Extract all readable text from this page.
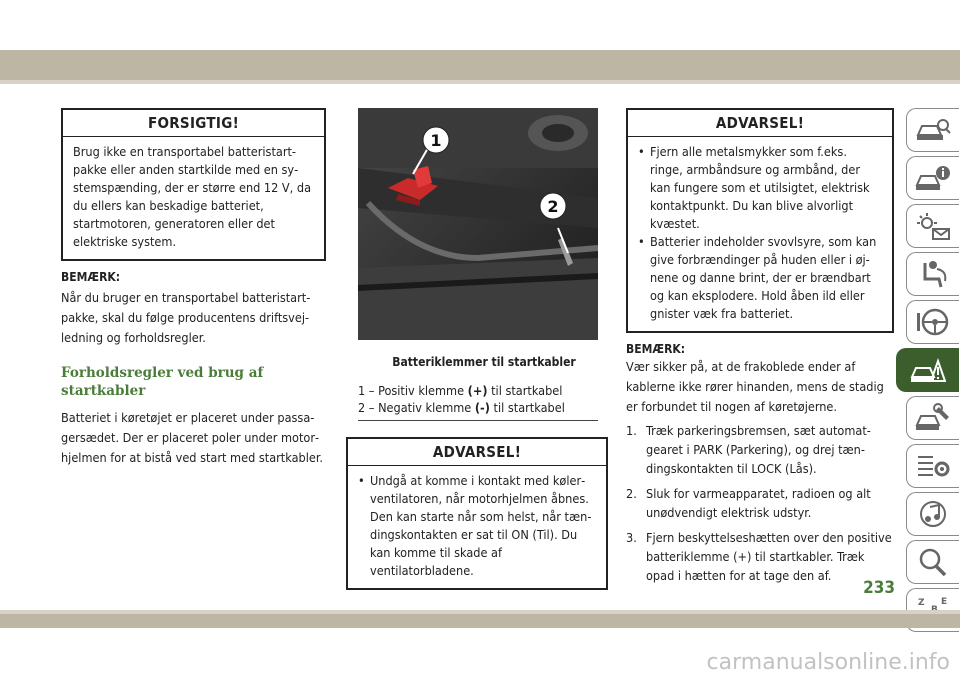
FORSIGTIG!

Brug ikke en transportabel batteristartpakke eller anden startkilde med en systemspænding, der er større end 12 V, da du ellers kan beskadige batteriet, startmotoren, generatoren eller det elektriske system.

BEMÆRK:

Når du bruger en transportabel batteristartpakke, skal du følge producentens driftsvejledning og forholdsregler.

Forholdsregler ved brug af startkabler

Batteriet i køretøjet er placeret under passagersædet. Der er placeret poler under motorhjelmen for at bistå ved start med startkabler.

1
2
Batteriklemmer til startkabler
1 – Positiv klemme (+) til startkabel
2 – Negativ klemme (-) til startkabel
ADVARSEL!
• Undgå at komme i kontakt med kølerventilatoren, når motorhjelmen åbnes. Den kan starte når som helst, når tændingskontakten er sat til ON (Til). Du kan komme til skade af ventilatorbladene.
ADVARSEL!
• Fjern alle metalsmykker som f.eks. ringe, armbåndsure og armbånd, der kan fungere som et utilsigtet, elektrisk kontaktpunkt. Du kan blive alvorligt kvæstet.
• Batterier indeholder svovlsyre, som kan give forbrændinger på huden eller i øjnene og danne brint, der er brændbart og kan eksplodere. Hold åben ild eller gnister væk fra batteriet.
BEMÆRK:

Vær sikker på, at de frakoblede ender af kablerne ikke rører hinanden, mens de stadig er forbundet til nogen af køretøjerne.

1. Træk parkeringsbremsen, sæt automatgearet i PARK (Parkering), og drej tændingskontakten til LOCK (Lås).
2. Sluk for varmeapparatet, radioen og alt unødvendigt elektrisk udstyr.
3. Fjern beskyttelseshætten over den positive batteriklemme (+) til startkabler. Træk opad i hætten for at tage den af.
Z E
233
carmanualsonline.info
